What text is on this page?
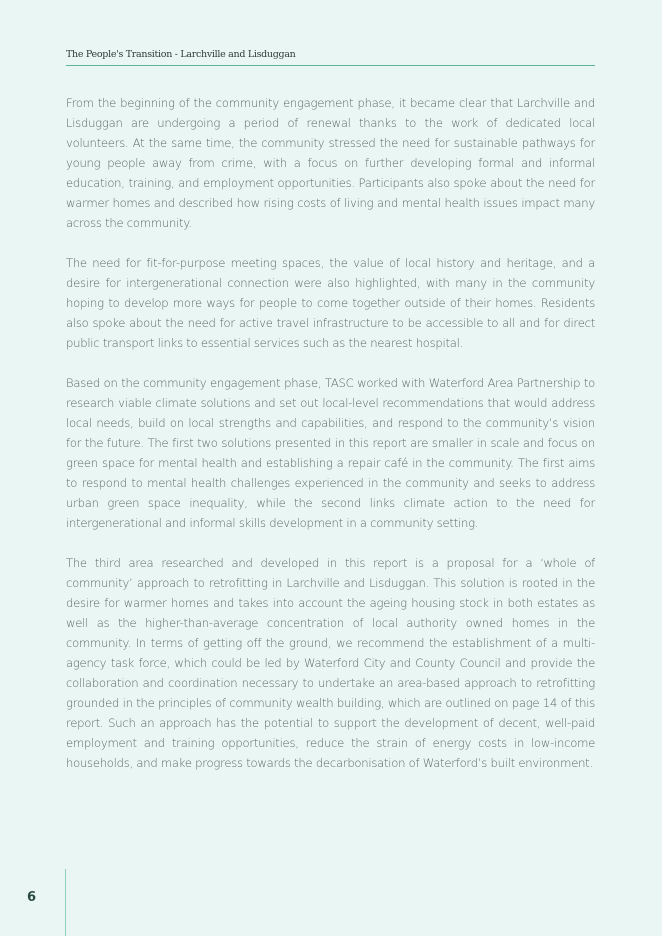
The People's Transition - Larchville and Lisduggan

From the beginning of the community engagement phase, it became clear that Larchville and Lisduggan are undergoing a period of renewal thanks to the work of dedicated local volunteers. At the same time, the community stressed the need for sustainable pathways for young people away from crime, with a focus on further developing formal and informal education, training, and employment opportunities. Participants also spoke about the need for warmer homes and described how rising costs of living and mental health issues impact many across the community.

The need for fit-for-purpose meeting spaces, the value of local history and heritage, and a desire for intergenerational connection were also highlighted, with many in the community hoping to develop more ways for people to come together outside of their homes. Residents also spoke about the need for active travel infrastructure to be accessible to all and for direct public transport links to essential services such as the nearest hospital.

Based on the community engagement phase, TASC worked with Waterford Area Partnership to research viable climate solutions and set out local-level recommendations that would address local needs, build on local strengths and capabilities, and respond to the community’s vision for the future. The first two solutions presented in this report are smaller in scale and focus on green space for mental health and establishing a repair café in the community. The first aims to respond to mental health challenges experienced in the community and seeks to address urban green space inequality, while the second links climate action to the need for intergenerational and informal skills development in a community setting.

The third area researched and developed in this report is a proposal for a ‘whole of community’ approach to retrofitting in Larchville and Lisduggan. This solution is rooted in the desire for warmer homes and takes into account the ageing housing stock in both estates as well as the higher-than-average concentration of local authority owned homes in the community. In terms of getting off the ground, we recommend the establishment of a multi-agency task force, which could be led by Waterford City and County Council and provide the collaboration and coordination necessary to undertake an area-based approach to retrofitting grounded in the principles of community wealth building, which are outlined on page 14 of this report. Such an approach has the potential to support the development of decent, well-paid employment and training opportunities, reduce the strain of energy costs in low-income households, and make progress towards the decarbonisation of Waterford’s built environment.

6
